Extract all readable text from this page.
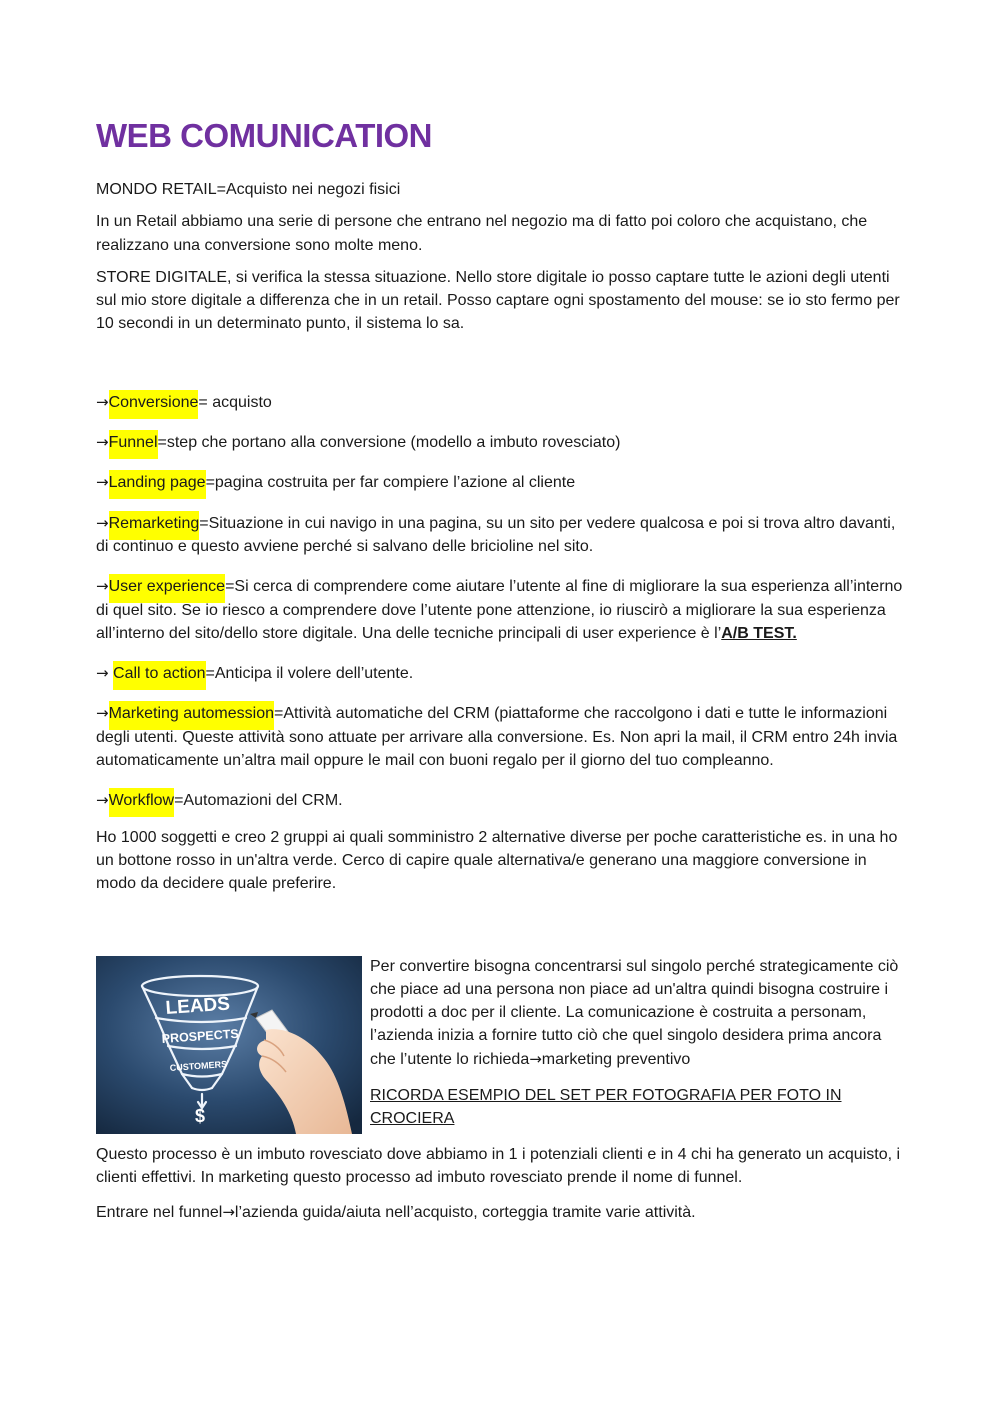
WEB COMUNICATION

MONDO RETAIL=Acquisto nei negozi fisici

In un Retail abbiamo una serie di persone che entrano nel negozio ma di fatto poi coloro che acquistano, che realizzano una conversione sono molte meno.

STORE DIGITALE, si verifica la stessa situazione. Nello store digitale io posso captare tutte le azioni degli utenti sul mio store digitale a differenza che in un retail. Posso captare ogni spostamento del mouse: se io sto fermo per 10 secondi in un determinato punto, il sistema lo sa.

→Conversione= acquisto

→Funnel=step che portano alla conversione (modello a imbuto rovesciato)

→Landing page=pagina costruita per far compiere l’azione al cliente

→Remarketing=Situazione in cui navigo in una pagina, su un sito per vedere qualcosa e poi si trova altro davanti, di continuo e questo avviene perché si salvano delle bricioline nel sito.

→User experience=Si cerca di comprendere come aiutare l’utente al fine di migliorare la sua esperienza all’interno di quel sito. Se io riesco a comprendere dove l’utente pone attenzione, io riuscirò a migliorare la sua esperienza all’interno del sito/dello store digitale. Una delle tecniche principali di user experience è l’A/B TEST.

→ Call to action=Anticipa il volere dell’utente.

→Marketing automession=Attività automatiche del CRM (piattaforme che raccolgono i dati e tutte le informazioni degli utenti. Queste attività sono attuate per arrivare alla conversione. Es. Non apri la mail, il CRM entro 24h invia automaticamente un’altra mail oppure le mail con buoni regalo per il giorno del tuo compleanno.

→Workflow=Automazioni del CRM.

Ho 1000 soggetti e creo 2 gruppi ai quali somministro 2 alternative diverse per poche caratteristiche es. in una ho un bottone rosso in un'altra verde. Cerco di capire quale alternativa/e generano una maggiore conversione in modo da decidere quale preferire.

LEADS
PROSPECTS
CUSTOMERS
$

Per convertire bisogna concentrarsi sul singolo perché strategicamente ciò che piace ad una persona non piace ad un'altra quindi bisogna costruire i prodotti a doc per il cliente. La comunicazione è costruita a personam, l’azienda inizia a fornire tutto ciò che quel singolo desidera prima ancora che l’utente lo richieda→marketing preventivo

RICORDA ESEMPIO DEL SET PER FOTOGRAFIA PER FOTO IN CROCIERA

Questo processo è un imbuto rovesciato dove abbiamo in 1 i potenziali clienti e in 4 chi ha generato un acquisto, i clienti effettivi. In marketing questo processo ad imbuto rovesciato prende il nome di funnel.

Entrare nel funnel→l’azienda guida/aiuta nell’acquisto, corteggia tramite varie attività.
